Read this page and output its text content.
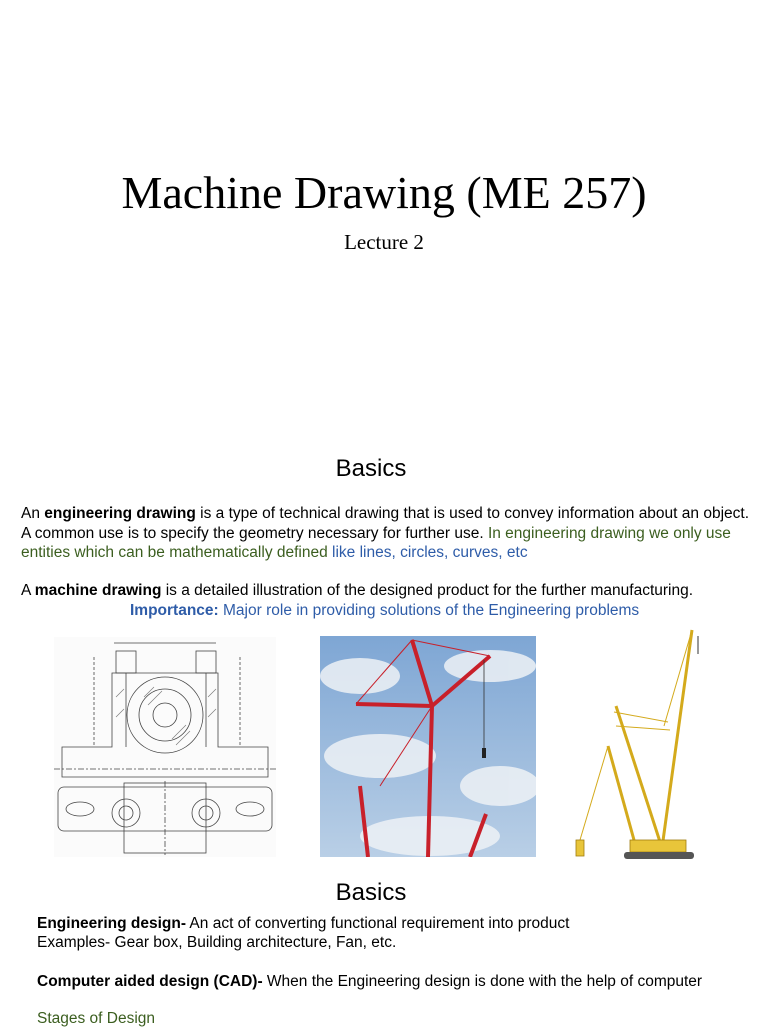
Machine Drawing (ME 257)

Lecture 2

Basics

An engineering drawing is a type of technical drawing that is used to convey information about an object. A common use is to specify the geometry necessary for further use. In engineering drawing we only use entities which can be mathematically defined like lines, circles, curves, etc

A machine drawing is a detailed illustration of the designed product for the further manufacturing.

Importance: Major role in providing solutions of the Engineering problems

Basics

Engineering design- An act of converting functional requirement into product

Examples- Gear box, Building architecture, Fan, etc.

Computer aided design (CAD)- When the Engineering design is done with the help of computer

Stages of Design
